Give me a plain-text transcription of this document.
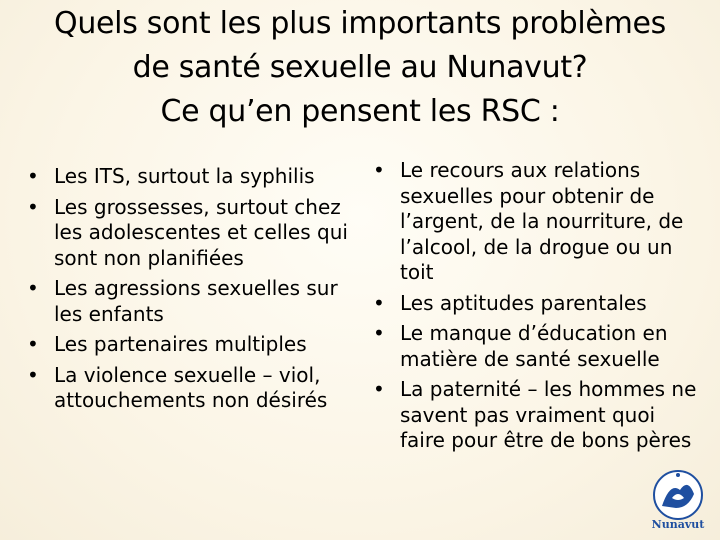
Quels sont les plus importants problèmes
de santé sexuelle au Nunavut?
Ce qu’en pensent les RSC :
• Les ITS, surtout la syphilis
• Les grossesses, surtout chez les adolescentes et celles qui sont non planifiées
• Les agressions sexuelles sur les enfants
• Les partenaires multiples
• La violence sexuelle – viol, attouchements non désirés
• Le recours aux relations sexuelles pour obtenir de l’argent, de la nourriture, de l’alcool, de la drogue ou un toit
• Les aptitudes parentales
• Le manque d’éducation en matière de santé sexuelle
• La paternité – les hommes ne savent pas vraiment quoi faire pour être de bons pères
Nunavut
